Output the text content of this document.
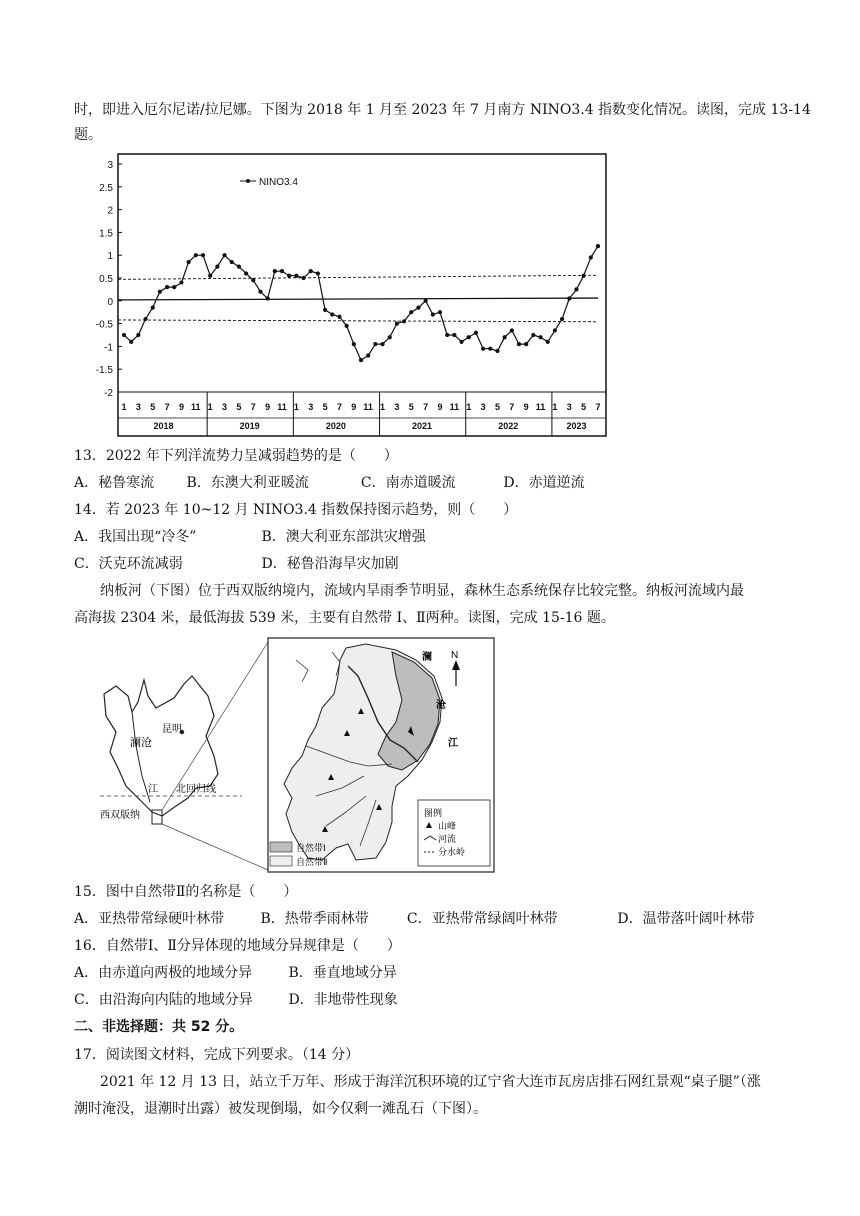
时，即进入厄尔尼诺/拉尼娜。下图为 2018 年 1 月至 2023 年 7 月南方 NINO3.4 指数变化情况。读图，完成 13-14
题。
3
2.5
2
1.5
1
0.5
0
-0.5
-1
-1.5
-2
1 3 5 7 9 11
2018
1 3 5 7 9 11
2019
1 3 5 7 9 11
2020
1 3 5 7 9 11
2021
1 3 5 7 9 11
2022
1 3 5 7
2023
NINO3.4
13．2022 年下列洋流势力呈减弱趋势的是（　　）
A．秘鲁寒流 B．东澳大利亚暖流	C．南赤道暖流	D．赤道逆流
14．若 2023 年 10~12 月 NINO3.4 指数保持图示趋势，则（　　）
A．我国出现“冷冬”	B．澳大利亚东部洪灾增强
C．沃克环流减弱	D．秘鲁沿海旱灾加剧
纳板河（下图）位于西双版纳境内，流域内旱雨季节明显，森林生态系统保存比较完整。纳板河流域内最
高海拔 2304 米，最低海拔 539 米，主要有自然带 I、Ⅱ两种。读图，完成 15-16 题。
澜沧
昆明
江 北回归线
西双版纳
澜
沧
江
N
图例
山峰
河流
分水岭
自然带Ⅰ
自然带Ⅱ
15．图中自然带Ⅱ的名称是（　　）
A．亚热带常绿硬叶林带	B．热带季雨林带	C．亚热带常绿阔叶林带	D．温带落叶阔叶林带
16．自然带Ⅰ、Ⅱ分异体现的地域分异规律是（　　）
A．由赤道向两极的地域分异	B．垂直地域分异
C．由沿海向内陆的地域分异	D．非地带性现象
二、非选择题：共 52 分。
17．阅读图文材料，完成下列要求。（14 分）
2021 年 12 月 13 日，站立千万年、形成于海洋沉积环境的辽宁省大连市瓦房店排石网红景观“桌子腿”（涨
潮时淹没，退潮时出露）被发现倒塌，如今仅剩一滩乱石（下图）。
